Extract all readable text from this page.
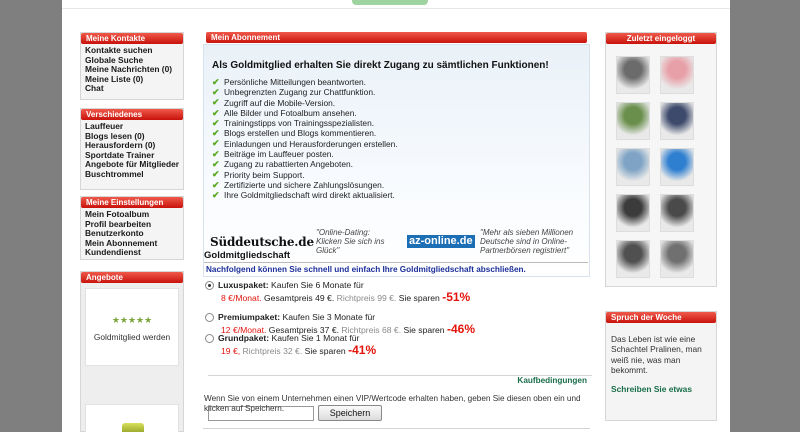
Meine Kontakte
Kontakte suchen
Globale Suche
Meine Nachrichten (0)
Meine Liste (0)
Chat
Verschiedenes
Lauffeuer
Blogs lesen (0)
Herausfordern (0)
Sportdate Trainer
Angebote für Mitglieder
Buschtrommel
Meine Einstellungen
Mein Fotoalbum
Profil bearbeiten
Benutzerkonto
Mein Abonnement
Kundendienst
Angebote
★★★★★
Goldmitglied werden
Mein Abonnement
Als Goldmitglied erhalten Sie direkt Zugang zu sämtlichen Funktionen!
✔ Persönliche Mitteilungen beantworten.
✔ Unbegrenzten Zugang zur Chattfunktion.
✔ Zugriff auf die Mobile-Version.
✔ Alle Bilder und Fotoalbum ansehen.
✔ Trainingstipps von Trainingsspezialisten.
✔ Blogs erstellen und Blogs kommentieren.
✔ Einladungen und Herausforderungen erstellen.
✔ Beiträge im Lauffeuer posten.
✔ Zugang zu rabattierten Angeboten.
✔ Priority beim Support.
✔ Zertifizierte und sichere Zahlungslösungen.
✔ Ihre Goldmitgliedschaft wird direkt aktualisiert.
Süddeutsche.de
"Online-Dating: Klicken Sie sich ins Glück"
az-online.de
"Mehr als sieben Millionen Deutsche sind in Online-Partnerbörsen registriert"
Goldmitgliedschaft
Nachfolgend können Sie schnell und einfach Ihre Goldmitgliedschaft abschließen.
Luxuspaket: Kaufen Sie 6 Monate für
8 €/Monat. Gesamtpreis 49 €. Richtpreis 99 €. Sie sparen -51%
Premiumpaket: Kaufen Sie 3 Monate für
12 €/Monat. Gesamtpreis 37 €. Richtpreis 68 €. Sie sparen -46%
Grundpaket: Kaufen Sie 1 Monat für
19 €, Richtpreis 32 €. Sie sparen -41%
Kaufbedingungen
Speichern
Wenn Sie von einem Unternehmen einen VIP/Wertcode erhalten haben, geben Sie diesen oben ein und klicken auf Speichern.
Zuletzt eingeloggt
Spruch der Woche
Das Leben ist wie eine Schachtel Pralinen, man weiß nie, was man bekommt.
Schreiben Sie etwas
